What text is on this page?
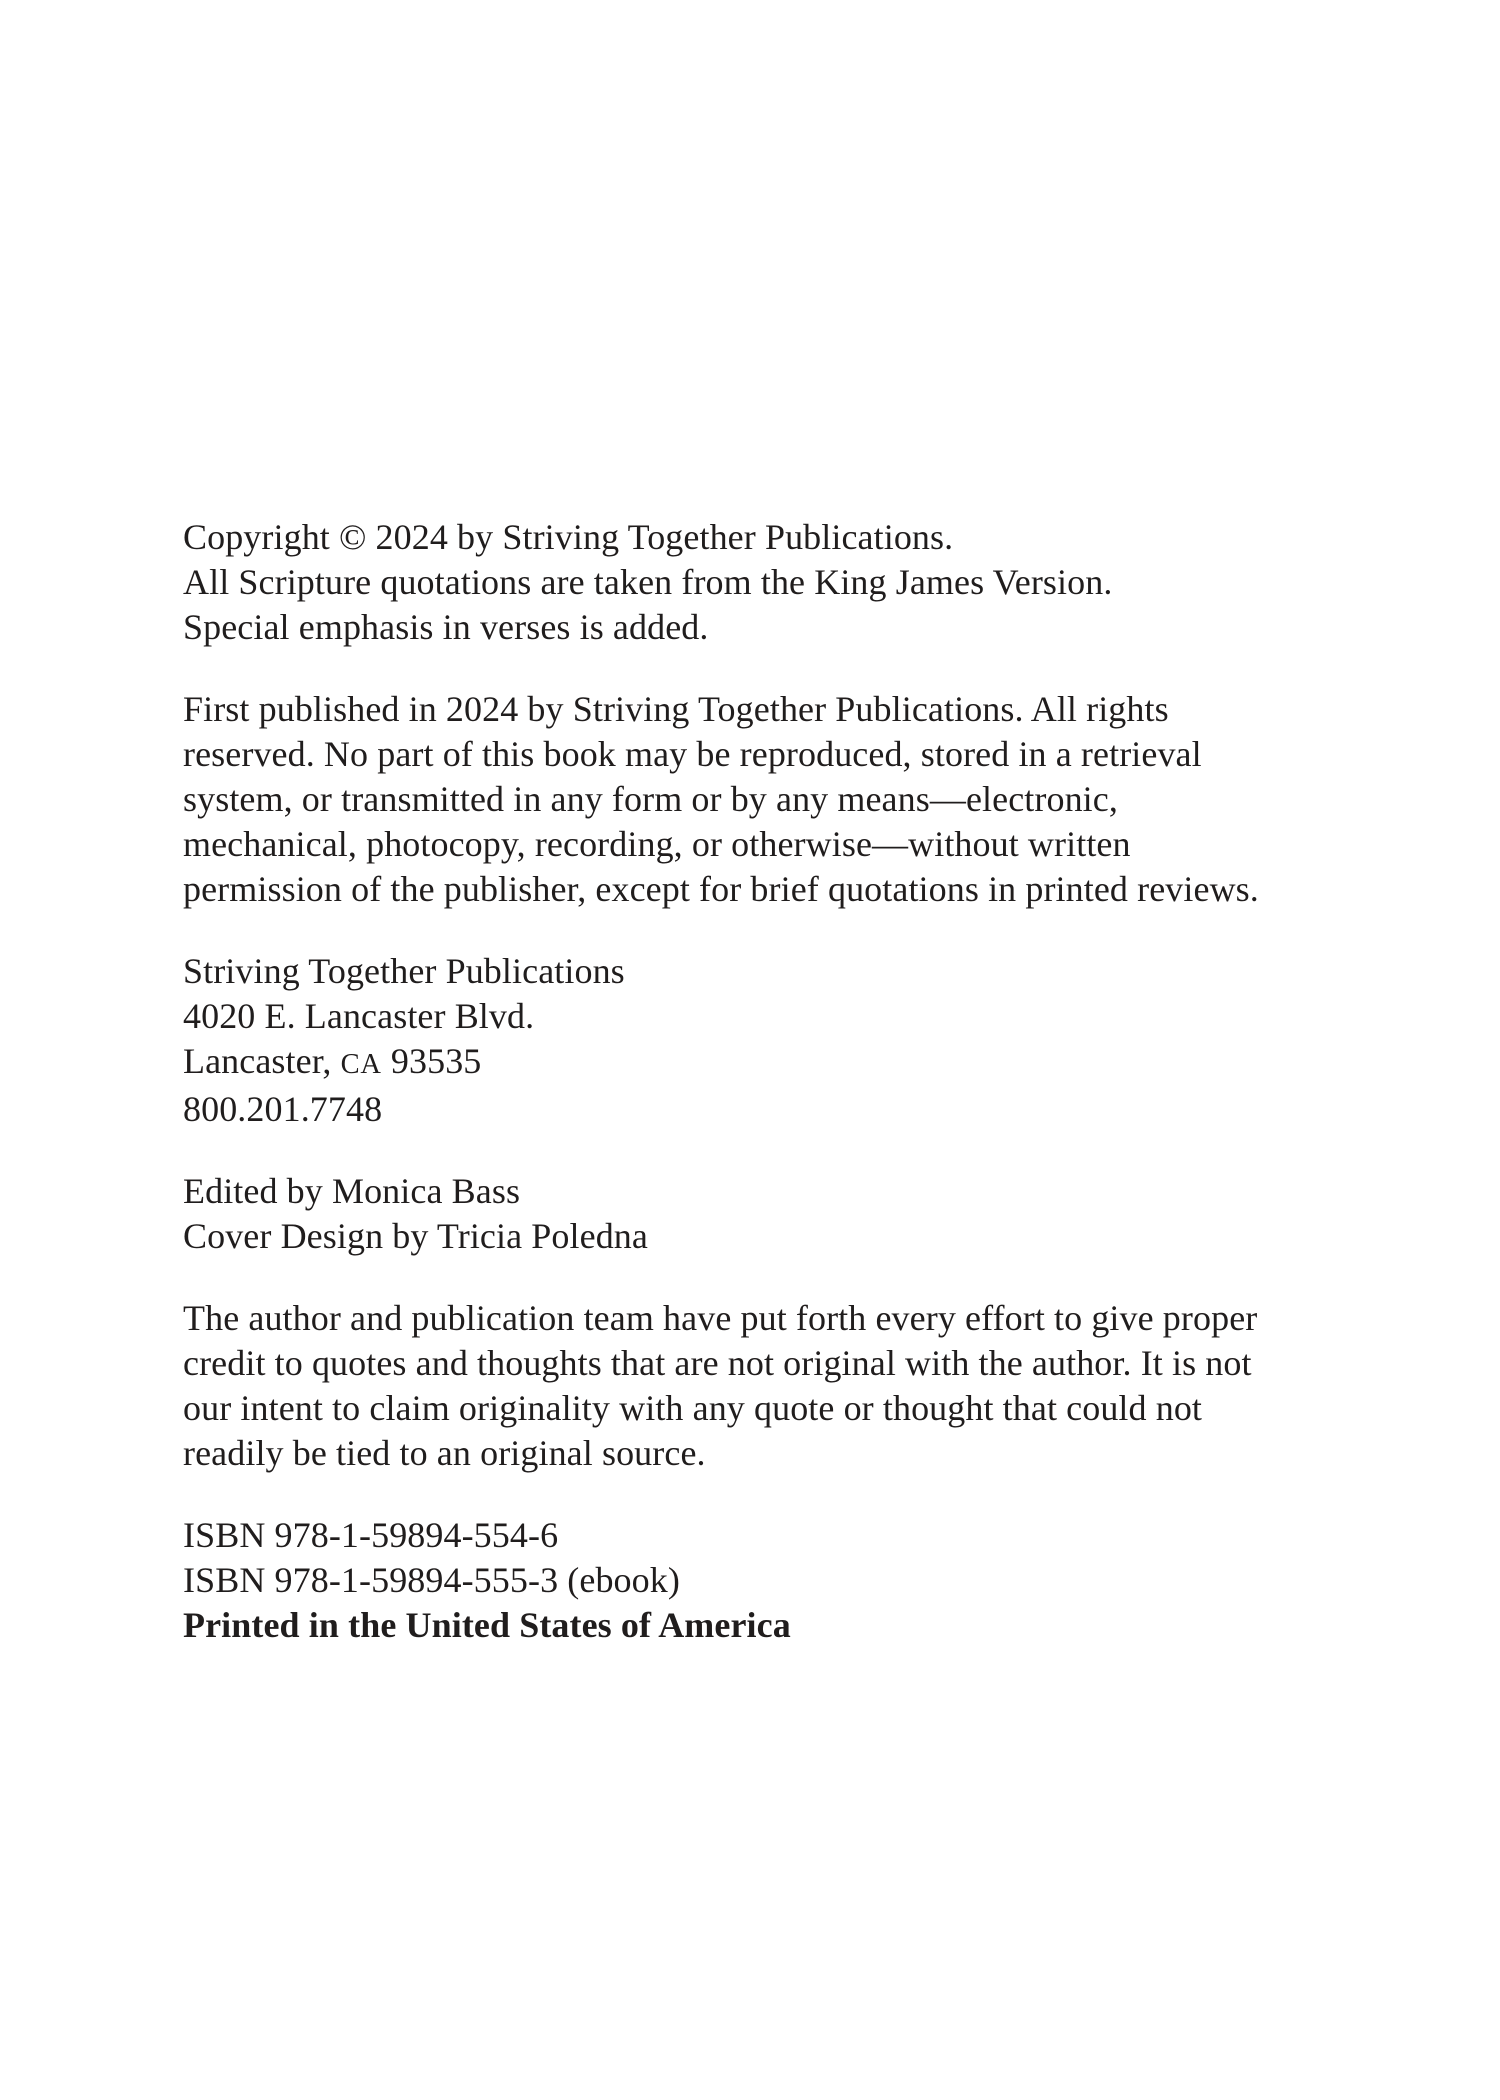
Copyright © 2024 by Striving Together Publications.
All Scripture quotations are taken from the King James Version.
Special emphasis in verses is added.
First published in 2024 by Striving Together Publications. All rights
reserved. No part of this book may be reproduced, stored in a retrieval
system, or transmitted in any form or by any means—electronic,
mechanical, photocopy, recording, or otherwise—without written
permission of the publisher, except for brief quotations in printed reviews.
Striving Together Publications
4020 E. Lancaster Blvd.
Lancaster, CA 93535
800.201.7748
Edited by Monica Bass
Cover Design by Tricia Poledna
The author and publication team have put forth every effort to give proper
credit to quotes and thoughts that are not original with the author. It is not
our intent to claim originality with any quote or thought that could not
readily be tied to an original source.
ISBN 978-1-59894-554-6
ISBN 978-1-59894-555-3 (ebook)
Printed in the United States of America
